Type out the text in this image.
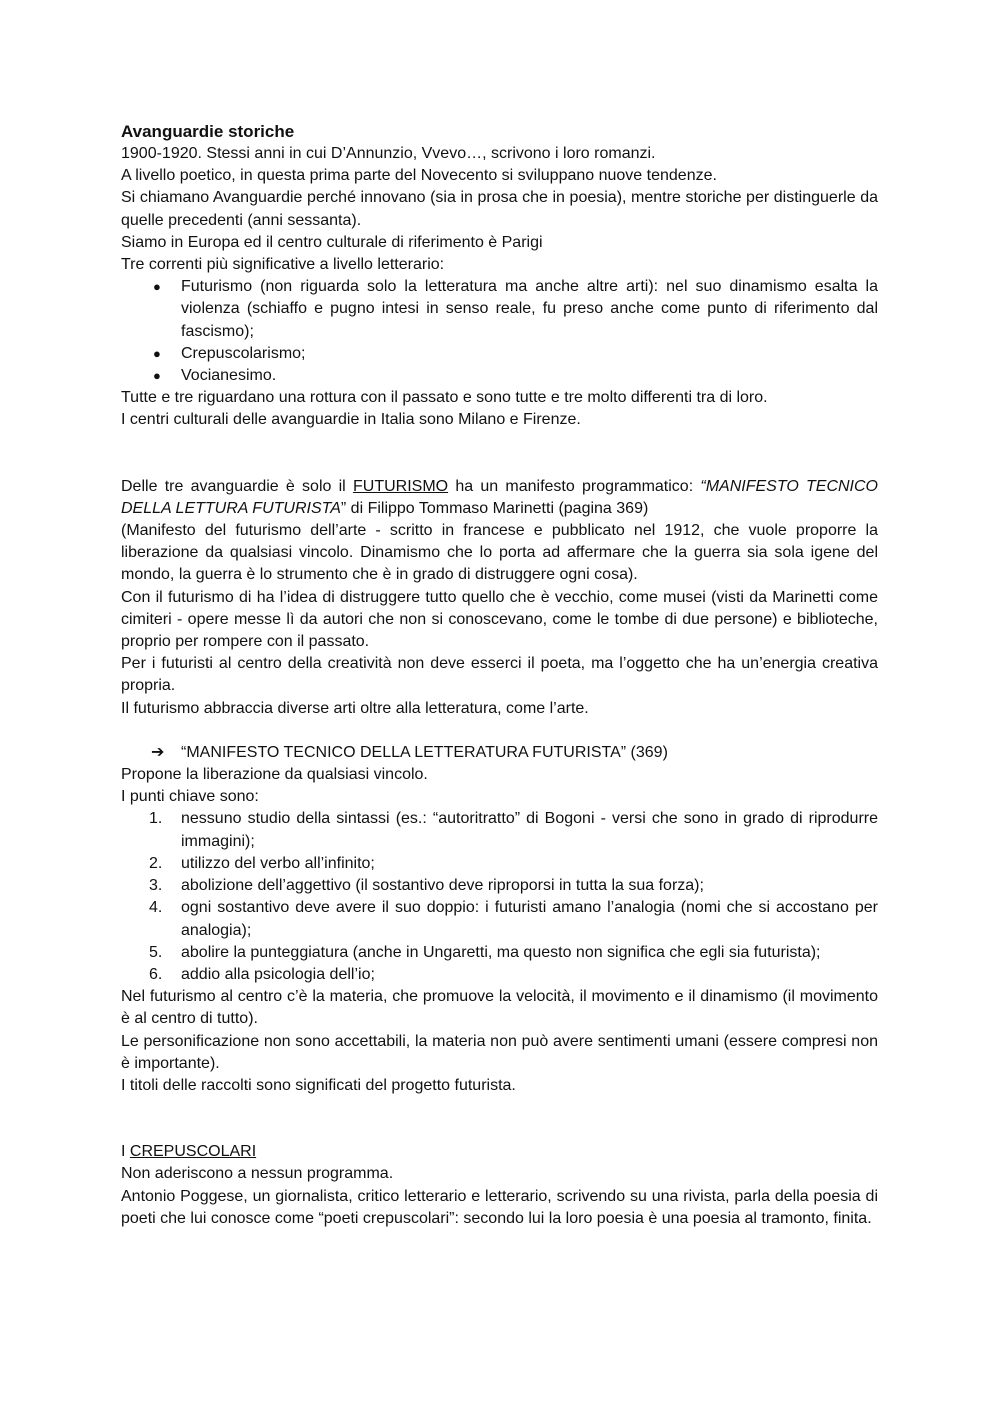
Avanguardie storiche

1900-1920. Stessi anni in cui D’Annunzio, Vvevo…, scrivono i loro romanzi.

A livello poetico, in questa prima parte del Novecento si sviluppano nuove tendenze.

Si chiamano Avanguardie perché innovano (sia in prosa che in poesia), mentre storiche per distinguerle da quelle precedenti (anni sessanta).

Siamo in Europa ed il centro culturale di riferimento è Parigi

Tre correnti più significative a livello letterario:

● Futurismo (non riguarda solo la letteratura ma anche altre arti): nel suo dinamismo esalta la violenza (schiaffo e pugno intesi in senso reale, fu preso anche come punto di riferimento dal fascismo);
● Crepuscolarismo;
● Vocianesimo.

Tutte e tre riguardano una rottura con il passato e sono tutte e tre molto differenti tra di loro.

I centri culturali delle avanguardie in Italia sono Milano e Firenze.

Delle tre avanguardie è solo il FUTURISMO ha un manifesto programmatico: “MANIFESTO TECNICO DELLA LETTURA FUTURISTA” di Filippo Tommaso Marinetti (pagina 369)

(Manifesto del futurismo dell’arte - scritto in francese e pubblicato nel 1912, che vuole proporre la liberazione da qualsiasi vincolo. Dinamismo che lo porta ad affermare che la guerra sia sola igene del mondo, la guerra è lo strumento che è in grado di distruggere ogni cosa).

Con il futurismo di ha l’idea di distruggere tutto quello che è vecchio, come musei (visti da Marinetti come cimiteri - opere messe lì da autori che non si conoscevano, come le tombe di due persone) e biblioteche, proprio per rompere con il passato.

Per i futuristi al centro della creatività non deve esserci il poeta, ma l’oggetto che ha un’energia creativa propria.

Il futurismo abbraccia diverse arti oltre alla letteratura, come l’arte.

➔ “MANIFESTO TECNICO DELLA LETTERATURA FUTURISTA” (369)

Propone la liberazione da qualsiasi vincolo.

I punti chiave sono:

1. nessuno studio della sintassi (es.: “autoritratto” di Bogoni - versi che sono in grado di riprodurre immagini);
2. utilizzo del verbo all’infinito;
3. abolizione dell’aggettivo (il sostantivo deve riproporsi in tutta la sua forza);
4. ogni sostantivo deve avere il suo doppio: i futuristi amano l’analogia (nomi che si accostano per analogia);
5. abolire la punteggiatura (anche in Ungaretti, ma questo non significa che egli sia futurista);
6. addio alla psicologia dell’io;

Nel futurismo al centro c’è la materia, che promuove la velocità, il movimento e il dinamismo (il movimento è al centro di tutto).

Le personificazione non sono accettabili, la materia non può avere sentimenti umani (essere compresi non è importante).

I titoli delle raccolti sono significati del progetto futurista.

I CREPUSCOLARI

Non aderiscono a nessun programma.

Antonio Poggese, un giornalista, critico letterario e letterario, scrivendo su una rivista, parla della poesia di poeti che lui conosce come “poeti crepuscolari”: secondo lui la loro poesia è una poesia al tramonto, finita.
